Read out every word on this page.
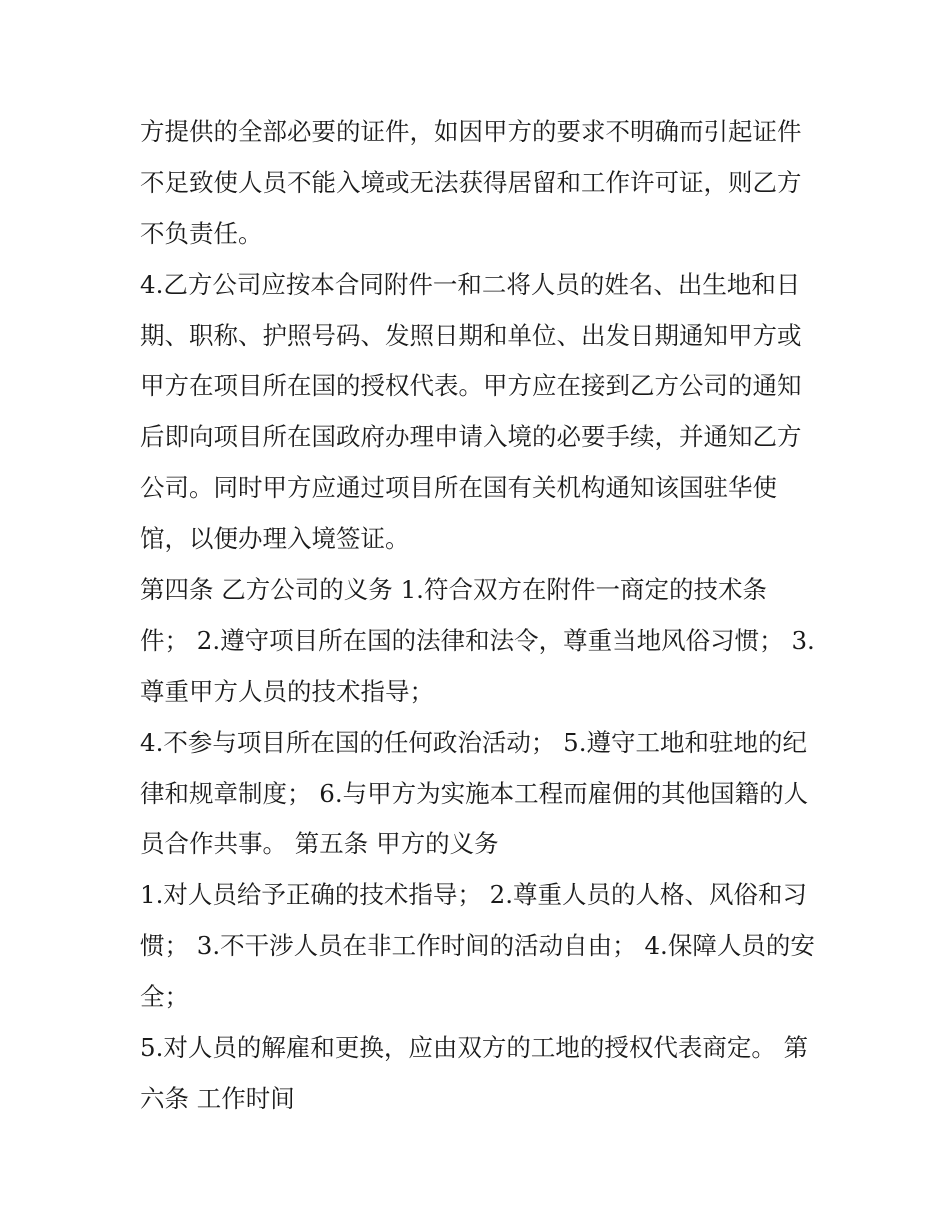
方提供的全部必要的证件，如因甲方的要求不明确而引起证件
不足致使人员不能入境或无法获得居留和工作许可证，则乙方
不负责任。
4.乙方公司应按本合同附件一和二将人员的姓名、出生地和日
期、职称、护照号码、发照日期和单位、出发日期通知甲方或
甲方在项目所在国的授权代表。甲方应在接到乙方公司的通知
后即向项目所在国政府办理申请入境的必要手续，并通知乙方
公司。同时甲方应通过项目所在国有关机构通知该国驻华使
馆，以便办理入境签证。
第四条 乙方公司的义务 1.符合双方在附件一商定的技术条
件； 2.遵守项目所在国的法律和法令，尊重当地风俗习惯； 3.
尊重甲方人员的技术指导；
4.不参与项目所在国的任何政治活动； 5.遵守工地和驻地的纪
律和规章制度； 6.与甲方为实施本工程而雇佣的其他国籍的人
员合作共事。 第五条 甲方的义务
1.对人员给予正确的技术指导； 2.尊重人员的人格、风俗和习
惯； 3.不干涉人员在非工作时间的活动自由； 4.保障人员的安
全；
5.对人员的解雇和更换，应由双方的工地的授权代表商定。 第
六条 工作时间
